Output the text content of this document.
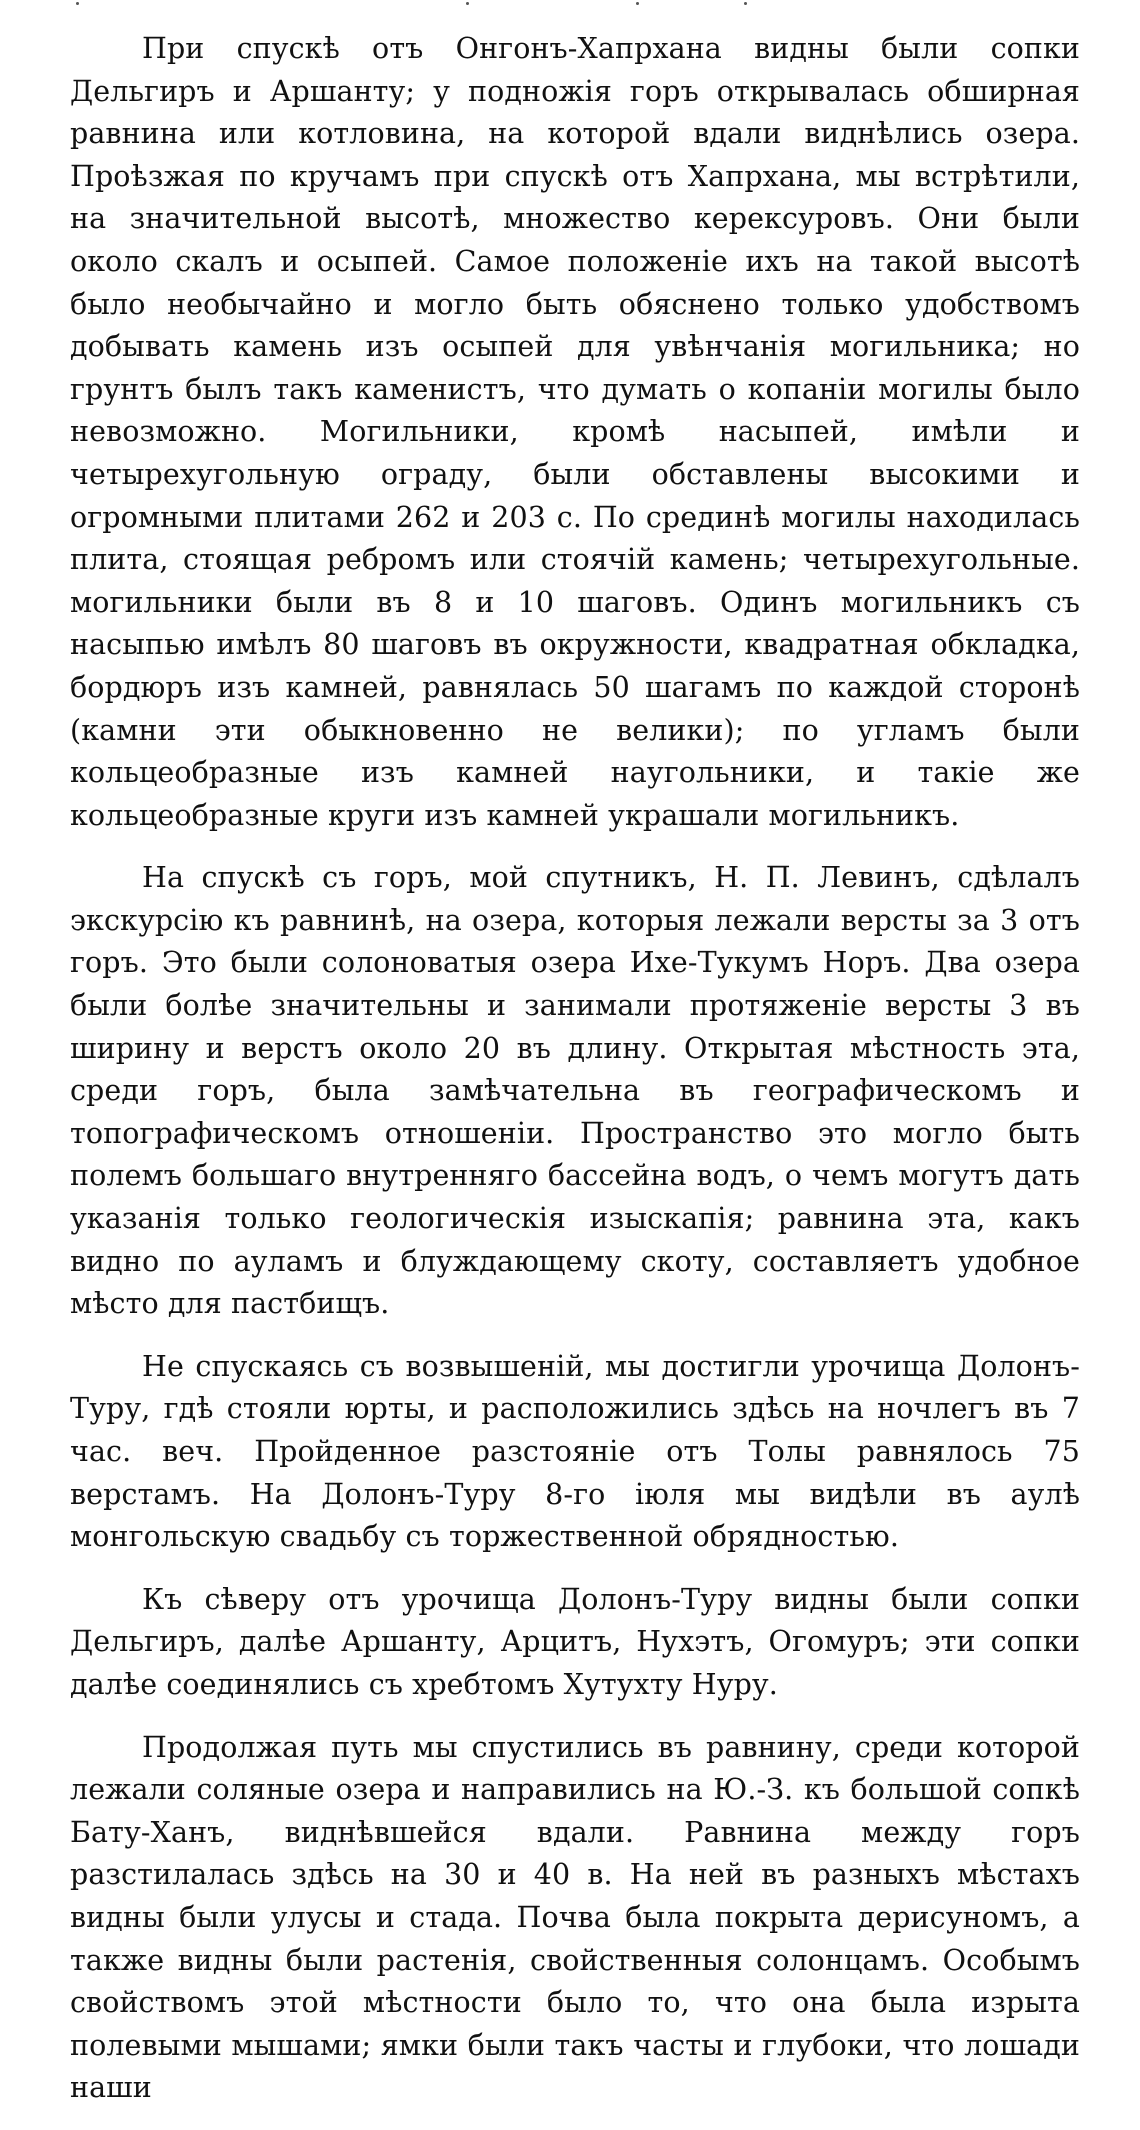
При спускѣ отъ Онгонъ-Хапрхана видны были сопки Дельгиръ и Аршанту; у подножія горъ открывалась обширная равнина или котловина, на которой вдали виднѣлись озера. Проѣзжая по кручамъ при спускѣ отъ Хапрхана, мы встрѣтили, на значительной высотѣ, множество керексуровъ. Они были около скалъ и осыпей. Самое положеніе ихъ на такой высотѣ было необычайно и могло быть обяснено только удобствомъ добывать камень изъ осыпей для увѣнчанія могильника; но грунтъ былъ такъ каменистъ, что думать о копаніи могилы было невозможно. Могильники, кромѣ насыпей, имѣли и четырехугольную ограду, были обставлены высокими и огромными плитами 262 и 203 с. По срединѣ могилы находилась плита, стоящая ребромъ или стоячій камень; четырехугольные. могильники были въ 8 и 10 шаговъ. Одинъ могильникъ съ насыпью имѣлъ 80 шаговъ въ окружности, квадратная обкладка, бордюръ изъ камней, равнялась 50 шагамъ по каждой сторонѣ (камни эти обыкновенно не велики); по угламъ были кольцеобразные изъ камней наугольники, и такіе же кольцеобразные круги изъ камней украшали могильникъ.

На спускѣ съ горъ, мой спутникъ, Н. П. Левинъ, сдѣлалъ экскурсію къ равнинѣ, на озера, которыя лежали версты за 3 отъ горъ. Это были солоноватыя озера Ихе-Тукумъ Норъ. Два озера были болѣе значительны и занимали протяженіе версты 3 въ ширину и верстъ около 20 въ длину. Открытая мѣстность эта, среди горъ, была замѣчательна въ географическомъ и топографическомъ отношеніи. Пространство это могло быть полемъ большаго внутренняго бассейна водъ, о чемъ могутъ дать указанія только геологическія изыскапія; равнина эта, какъ видно по ауламъ и блуждающему скоту, составляетъ удобное мѣсто для пастбищъ.

Не спускаясь съ возвышеній, мы достигли урочища Долонъ-Туру, гдѣ стояли юрты, и расположились здѣсь на ночлегъ въ 7 час. веч. Пройденное разстояніе отъ Толы равнялось 75 верстамъ. На Долонъ-Туру 8-го іюля мы видѣли въ аулѣ монгольскую свадьбу съ торжественной обрядностью.

Къ сѣверу отъ урочища Долонъ-Туру видны были сопки Дельгиръ, далѣе Аршанту, Арцитъ, Нухэтъ, Огомуръ; эти сопки далѣе соединялись съ хребтомъ Хутухту Нуру.

Продолжая путь мы спустились въ равнину, среди которой лежали соляные озера и направились на Ю.-З. къ большой сопкѣ Бату-Ханъ, виднѣвшейся вдали. Равнина между горъ разстилалась здѣсь на 30 и 40 в. На ней въ разныхъ мѣстахъ видны были улусы и стада. Почва была покрыта дерисуномъ, а также видны были растенія, свойственныя солонцамъ. Особымъ свойствомъ этой мѣстности было то, что она была изрыта полевыми мышами; ямки были такъ часты и глубоки, что лошади наши
